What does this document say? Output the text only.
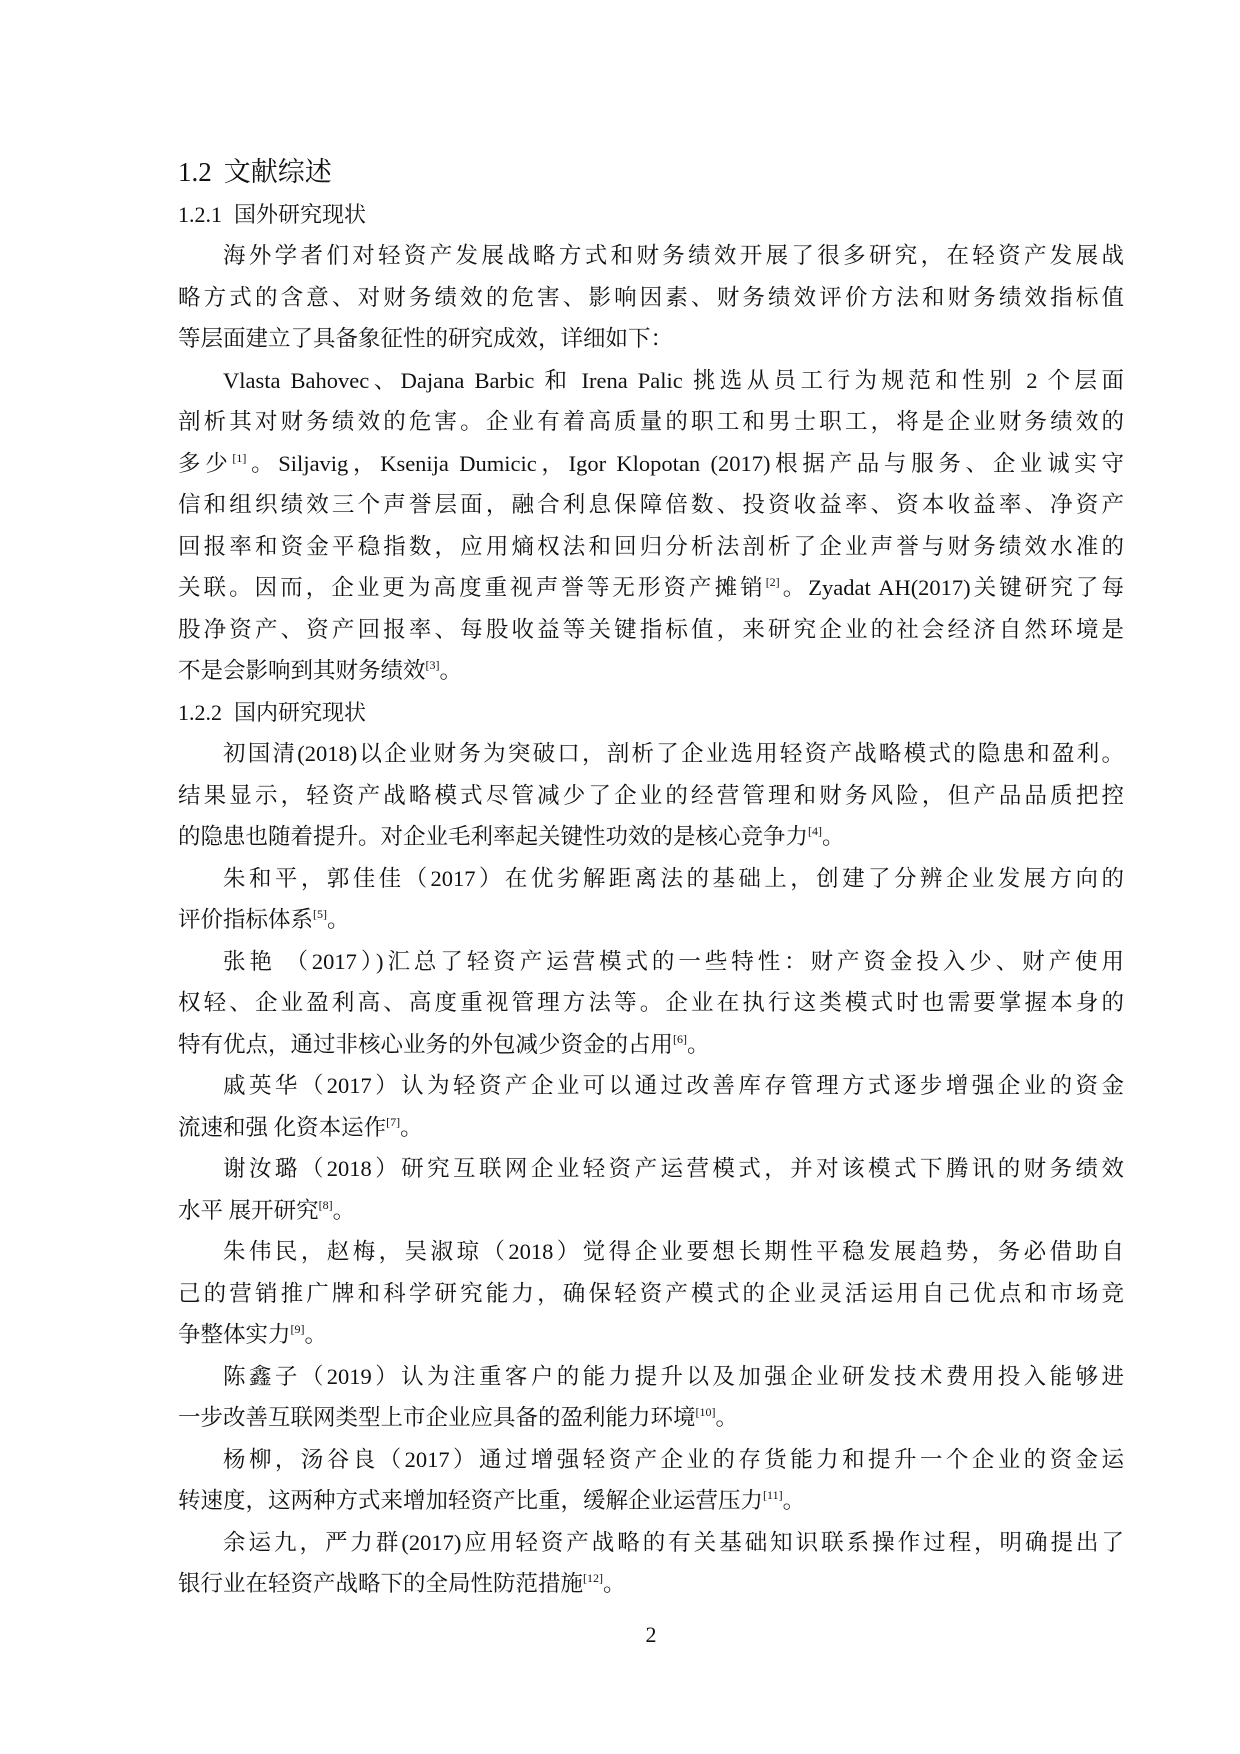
1.2 文献综述
1.2.1 国外研究现状
海外学者们对轻资产发展战略方式和财务绩效开展了很多研究，在轻资产发展战
略方式的含意、对财务绩效的危害、影响因素、财务绩效评价方法和财务绩效指标值
等层面建立了具备象征性的研究成效，详细如下：
Vlasta Bahovec、Dajana Barbic 和 Irena Palic 挑选从员工行为规范和性别 2 个层面
剖析其对财务绩效的危害。企业有着高质量的职工和男士职工，将是企业财务绩效的
多少[1]。Siljavig，Ksenija Dumicic，Igor Klopotan (2017)根据产品与服务、企业诚实守
信和组织绩效三个声誉层面，融合利息保障倍数、投资收益率、资本收益率、净资产
回报率和资金平稳指数，应用熵权法和回归分析法剖析了企业声誉与财务绩效水准的
关联。因而，企业更为高度重视声誉等无形资产摊销[2]。Zyadat AH(2017)关键研究了每
股净资产、资产回报率、每股收益等关键指标值，来研究企业的社会经济自然环境是
不是会影响到其财务绩效[3]。
1.2.2 国内研究现状
初国清(2018)以企业财务为突破口，剖析了企业选用轻资产战略模式的隐患和盈利。
结果显示，轻资产战略模式尽管减少了企业的经营管理和财务风险，但产品品质把控
的隐患也随着提升。对企业毛利率起关键性功效的是核心竞争力[4]。
朱和平，郭佳佳（2017）在优劣解距离法的基础上，创建了分辨企业发展方向的
评价指标体系[5]。
张艳 （2017）)汇总了轻资产运营模式的一些特性：财产资金投入少、财产使用
权轻、企业盈利高、高度重视管理方法等。企业在执行这类模式时也需要掌握本身的
特有优点，通过非核心业务的外包减少资金的占用[6]。
戚英华（2017）认为轻资产企业可以通过改善库存管理方式逐步增强企业的资金
流速和强 化资本运作[7]。
谢汝璐（2018）研究互联网企业轻资产运营模式，并对该模式下腾讯的财务绩效
水平 展开研究[8]。
朱伟民，赵梅，吴淑琼（2018）觉得企业要想长期性平稳发展趋势，务必借助自
己的营销推广牌和科学研究能力，确保轻资产模式的企业灵活运用自己优点和市场竞
争整体实力[9]。
陈鑫子（2019）认为注重客户的能力提升以及加强企业研发技术费用投入能够进
一步改善互联网类型上市企业应具备的盈利能力环境[10]。
杨柳，汤谷良（2017）通过增强轻资产企业的存货能力和提升一个企业的资金运
转速度，这两种方式来增加轻资产比重，缓解企业运营压力[11]。
余运九，严力群(2017)应用轻资产战略的有关基础知识联系操作过程，明确提出了
银行业在轻资产战略下的全局性防范措施[12]。
2
